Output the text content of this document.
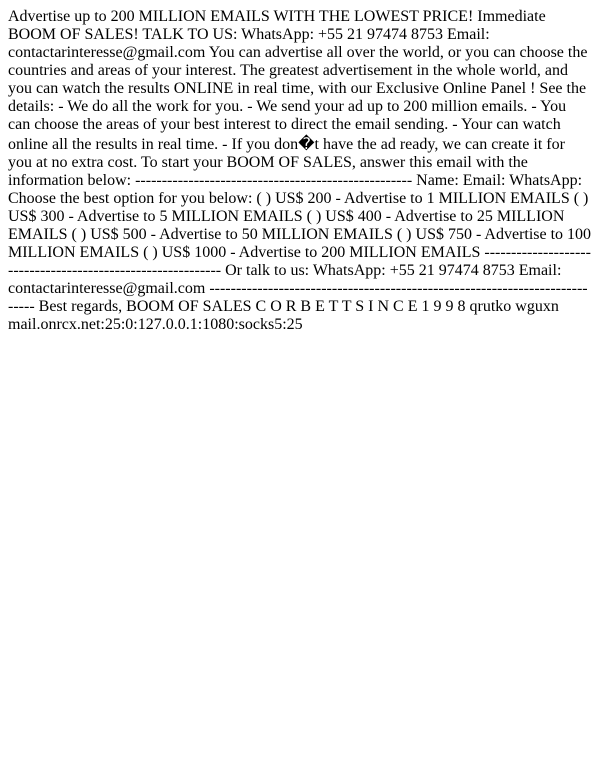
Advertise up to 200 MILLION EMAILS WITH THE LOWEST PRICE! Immediate BOOM OF SALES! TALK TO US: WhatsApp: +55 21 97474 8753 Email: contactarinteresse@gmail.com You can advertise all over the world, or you can choose the countries and areas of your interest. The greatest advertisement in the whole world, and you can watch the results ONLINE in real time, with our Exclusive Online Panel ! See the details: - We do all the work for you. - We send your ad up to 200 million emails. - You can choose the areas of your best interest to direct the email sending. - Your can watch online all the results in real time. - If you don�t have the ad ready, we can create it for you at no extra cost. To start your BOOM OF SALES, answer this email with the information below: ---------------------------------------------------- Name: Email: WhatsApp: Choose the best option for you below: ( ) US$ 200 - Advertise to 1 MILLION EMAILS ( ) US$ 300 - Advertise to 5 MILLION EMAILS ( ) US$ 400 - Advertise to 25 MILLION EMAILS ( ) US$ 500 - Advertise to 50 MILLION EMAILS ( ) US$ 750 - Advertise to 100 MILLION EMAILS ( ) US$ 1000 - Advertise to 200 MILLION EMAILS ------------------------------------------------------------ Or talk to us: WhatsApp: +55 21 97474 8753 Email: contactarinteresse@gmail.com ---------------------------------------------------------------------------- Best regards, BOOM OF SALES C O R B E T T S I N C E 1 9 9 8 qrutko wguxn mail.onrcx.net:25:0:127.0.0.1:1080:socks5:25
